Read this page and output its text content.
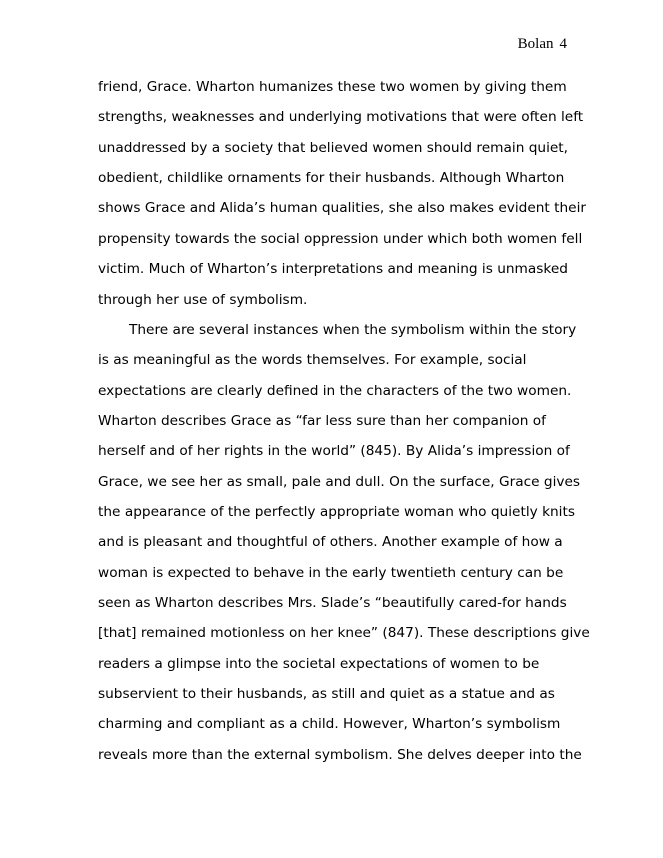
Bolan 4
friend, Grace. Wharton humanizes these two women by giving them
strengths, weaknesses and underlying motivations that were often left
unaddressed by a society that believed women should remain quiet,
obedient, childlike ornaments for their husbands. Although Wharton
shows Grace and Alida’s human qualities, she also makes evident their
propensity towards the social oppression under which both women fell
victim. Much of Wharton’s interpretations and meaning is unmasked
through her use of symbolism.
There are several instances when the symbolism within the story
is as meaningful as the words themselves. For example, social
expectations are clearly defined in the characters of the two women.
Wharton describes Grace as “far less sure than her companion of
herself and of her rights in the world” (845). By Alida’s impression of
Grace, we see her as small, pale and dull. On the surface, Grace gives
the appearance of the perfectly appropriate woman who quietly knits
and is pleasant and thoughtful of others. Another example of how a
woman is expected to behave in the early twentieth century can be
seen as Wharton describes Mrs. Slade’s “beautifully cared-for hands
[that] remained motionless on her knee” (847). These descriptions give
readers a glimpse into the societal expectations of women to be
subservient to their husbands, as still and quiet as a statue and as
charming and compliant as a child. However, Wharton’s symbolism
reveals more than the external symbolism. She delves deeper into the
